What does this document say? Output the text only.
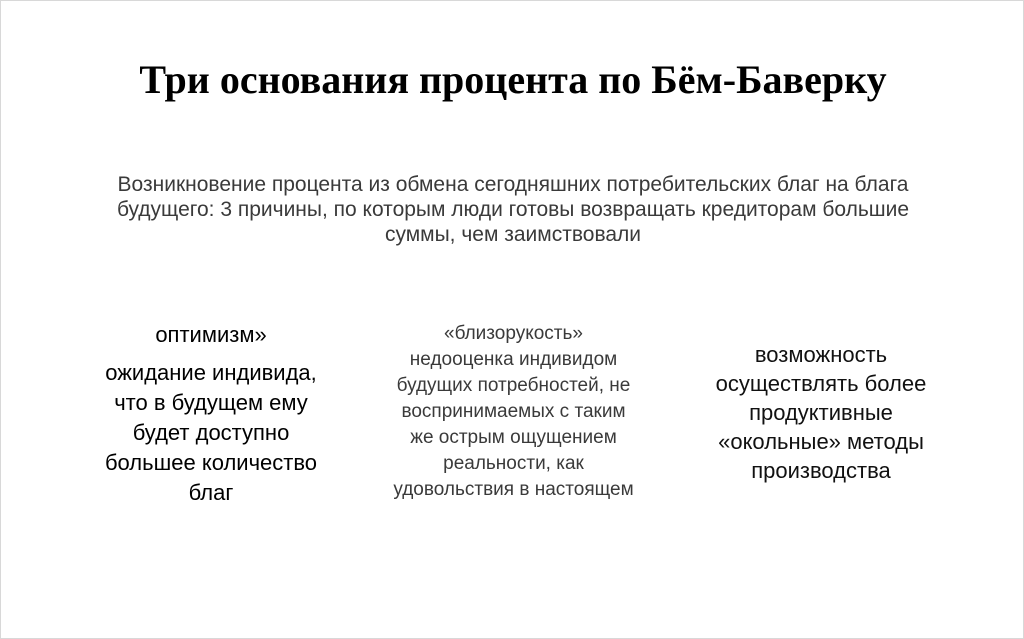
Три основания процента по Бём-Баверку
Возникновение процента из обмена сегодняшних потребительских благ на блага
будущего: 3 причины, по которым люди готовы возвращать кредиторам большие
суммы, чем заимствовали
оптимизм»
ожидание индивида,
что в будущем ему
будет доступно
большее количество
благ
«близорукость»
недооценка индивидом
будущих потребностей, не
воспринимаемых с таким
же острым ощущением
реальности, как
удовольствия в настоящем
возможность
осуществлять более
продуктивные
«окольные» методы
производства
